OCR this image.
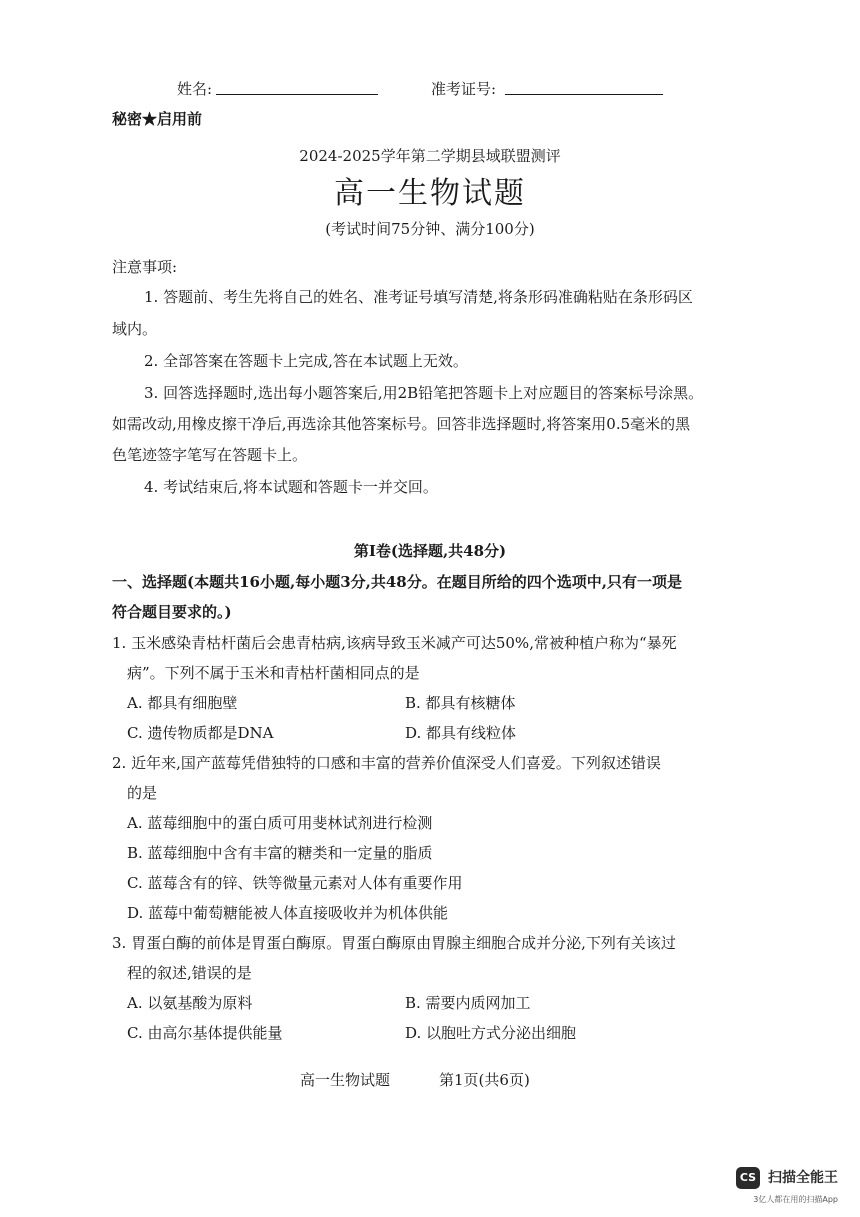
姓名:	准考证号:
秘密★启用前
2024-2025学年第二学期县域联盟测评
高一生物试题
(考试时间75分钟、满分100分)
注意事项:
1. 答题前、考生先将自己的姓名、准考证号填写清楚,将条形码准确粘贴在条形码区
域内。
2. 全部答案在答题卡上完成,答在本试题上无效。
3. 回答选择题时,选出每小题答案后,用2B铅笔把答题卡上对应题目的答案标号涂黑。
如需改动,用橡皮擦干净后,再选涂其他答案标号。回答非选择题时,将答案用0.5毫米的黑
色笔迹签字笔写在答题卡上。
4. 考试结束后,将本试题和答题卡一并交回。
第Ⅰ卷(选择题,共48分)
一、选择题(本题共16小题,每小题3分,共48分。在题目所给的四个选项中,只有一项是
符合题目要求的。)
1. 玉米感染青枯杆菌后会患青枯病,该病导致玉米减产可达50%,常被种植户称为“暴死
病”。下列不属于玉米和青枯杆菌相同点的是
A. 都具有细胞壁	B. 都具有核糖体
C. 遗传物质都是DNA	D. 都具有线粒体
2. 近年来,国产蓝莓凭借独特的口感和丰富的营养价值深受人们喜爱。下列叙述错误
的是
A. 蓝莓细胞中的蛋白质可用斐林试剂进行检测
B. 蓝莓细胞中含有丰富的糖类和一定量的脂质
C. 蓝莓含有的锌、铁等微量元素对人体有重要作用
D. 蓝莓中葡萄糖能被人体直接吸收并为机体供能
3. 胃蛋白酶的前体是胃蛋白酶原。胃蛋白酶原由胃腺主细胞合成并分泌,下列有关该过
程的叙述,错误的是
A. 以氨基酸为原料	B. 需要内质网加工
C. 由高尔基体提供能量	D. 以胞吐方式分泌出细胞
高一生物试题	第1页(共6页)
CS 扫描全能王
3亿人都在用的扫描App
